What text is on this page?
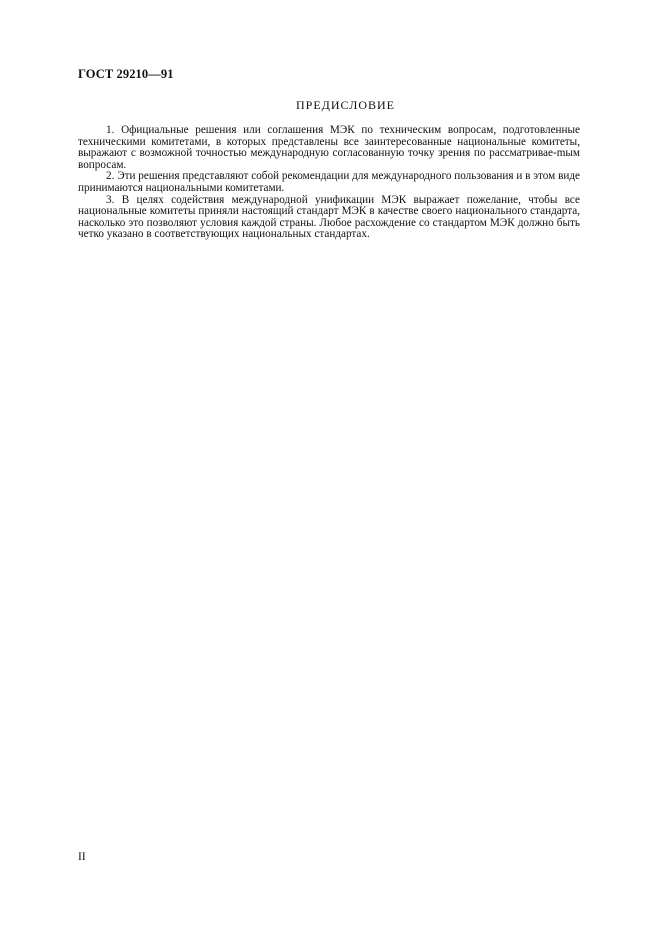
ГОСТ 29210—91
ПРЕДИСЛОВИЕ

1. Официальные решения или соглашения МЭК по техническим вопросам, подготовленные техническими комитетами, в которых представлены все заинтересованные национальные комитеты, выражают с возможной точностью международную согласованную точку зрения по рассматривае-mым вопросам.

2. Эти решения представляют собой рекомендации для международного пользования и в этом виде принимаются национальными комитетами.

3. В целях содействия международной унификации МЭК выражает пожелание, чтобы все национальные комитеты приняли настоящий стандарт МЭК в качестве своего национального стандарта, насколько это позволяют условия каждой страны. Любое расхождение со стандартом МЭК должно быть четко указано в соответствующих национальных стандартах.

II
